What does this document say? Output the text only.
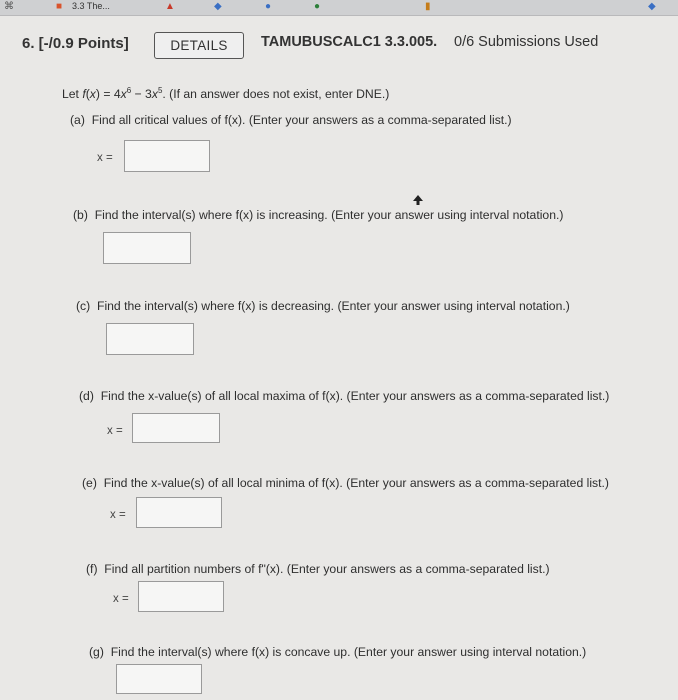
⌘	■ 3.3 The...	▲	◆	●	●	▮	◆
6. [-/0.9 Points]	DETAILS	TAMUBUSCALC1 3.3.005. 0/6 Submissions Used
Let $f(x) = 4x^6 - 3x^5$. (If an answer does not exist, enter DNE.)
(a) Find all critical values of f(x). (Enter your answers as a comma-separated list.)
x =
(b) Find the interval(s) where f(x) is increasing. (Enter your answer using interval notation.)
(c) Find the interval(s) where f(x) is decreasing. (Enter your answer using interval notation.)
(d) Find the x-value(s) of all local maxima of f(x). (Enter your answers as a comma-separated list.)
x =
(e) Find the x-value(s) of all local minima of f(x). (Enter your answers as a comma-separated list.)
x =
(f) Find all partition numbers of f"(x). (Enter your answers as a comma-separated list.)
x =
(g) Find the interval(s) where f(x) is concave up. (Enter your answer using interval notation.)
